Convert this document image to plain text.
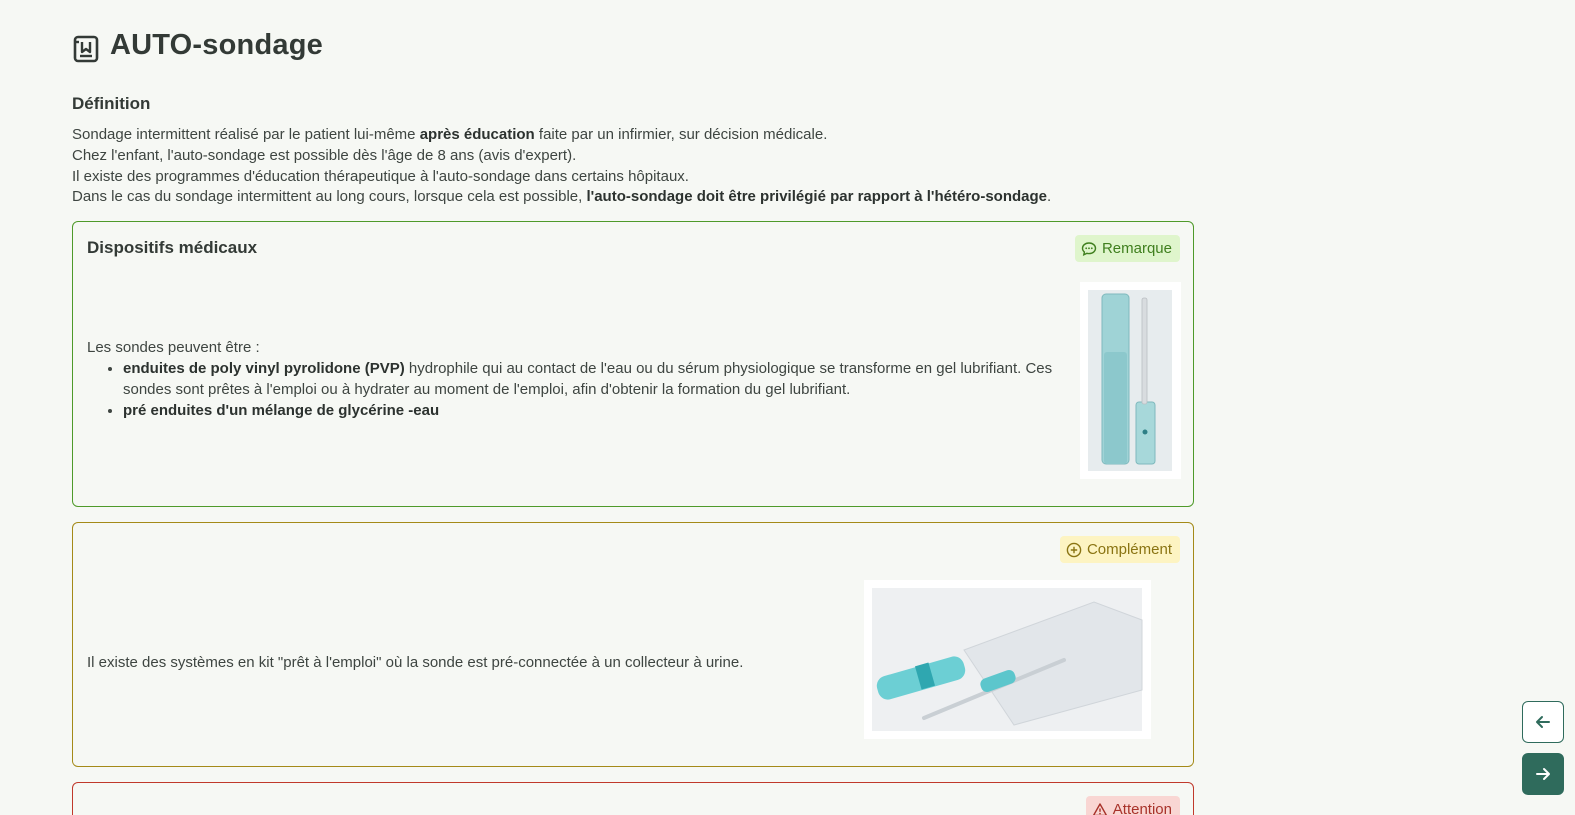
AUTO-sondage
Définition
Sondage intermittent réalisé par le patient lui-même après éducation faite par un infirmier, sur décision médicale.
Chez l'enfant, l'auto-sondage est possible dès l'âge de 8 ans (avis d'expert).
Il existe des programmes d'éducation thérapeutique à l'auto-sondage dans certains hôpitaux.
Dans le cas du sondage intermittent au long cours, lorsque cela est possible, l'auto-sondage doit être privilégié par rapport à l'hétéro-sondage.
Dispositifs médicaux	Remarque
Les sondes peuvent être :
• enduites de poly vinyl pyrolidone (PVP) hydrophile qui au contact de l'eau ou du sérum physiologique se transforme en gel lubrifiant. Ces sondes sont prêtes à l'emploi ou à hydrater au moment de l'emploi, afin d'obtenir la formation du gel lubrifiant.
• pré enduites d'un mélange de glycérine -eau
Complément
Il existe des systèmes en kit "prêt à l'emploi" où la sonde est pré-connectée à un collecteur à urine.
Attention
